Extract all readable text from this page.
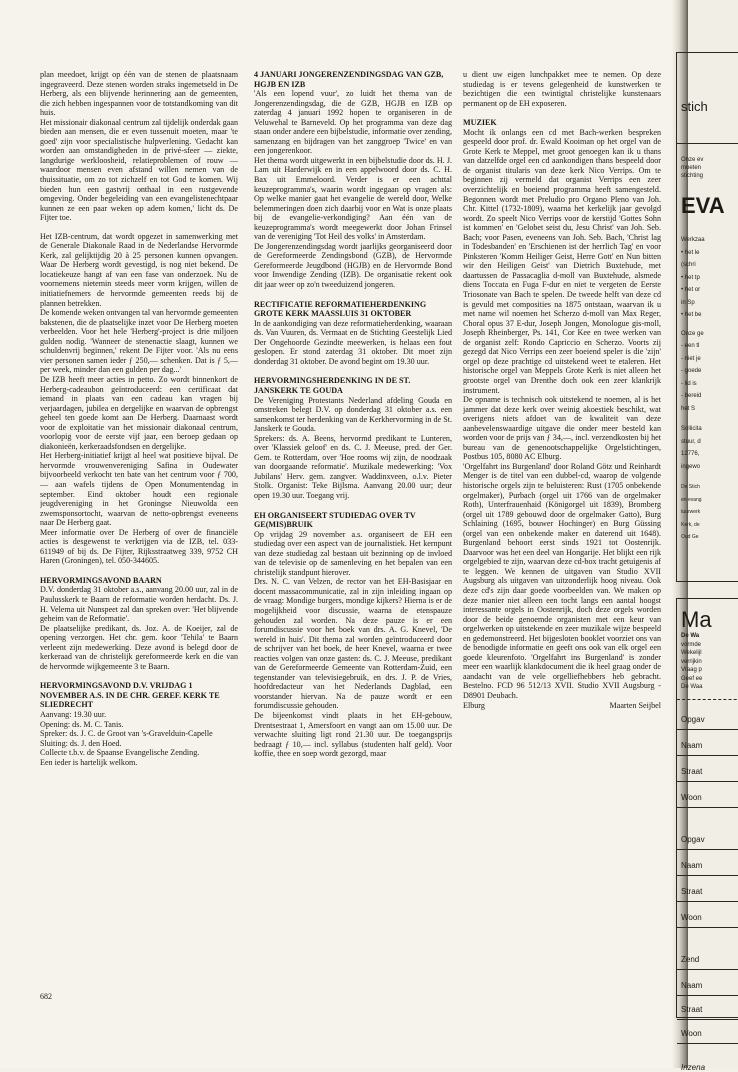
plan meedoet, krijgt op één van de stenen de plaatsnaam ingegraveerd. Deze stenen worden straks ingemetseld in De Herberg, als een blijvende herinnering aan de gemeenten, die zich hebben ingespannen voor de totstandkoming van dit huis.

Het missionair diakonaal centrum zal tijdelijk onderdak gaan bieden aan mensen, die er even tussenuit moeten, maar 'te goed' zijn voor specialistische hulpverlening. 'Gedacht kan worden aan omstandigheden in de privé-sfeer — ziekte, langdurige werkloosheid, relatieproblemen of rouw — waardoor mensen even afstand willen nemen van de thuissituatie, om zo tot zichzelf en tot God te komen. Wij bieden hun een gastvrij onthaal in een rustgevende omgeving. Onder begeleiding van een evangelistenechtpaar kunnen ze een paar weken op adem komen,' licht ds. De Fijter toe.

Het IZB-centrum, dat wordt opgezet in samenwerking met de Generale Diakonale Raad in de Nederlandse Hervormde Kerk, zal gelijktijdig 20 à 25 personen kunnen opvangen. Waar De Herberg wordt gevestigd, is nog niet bekend. De locatiekeuze hangt af van een fase van onderzoek. Nu de voornemens nietemin steeds meer vorm krijgen, willen de initiatiefnemers de hervormde gemeenten reeds bij de plannen betrekken.

De komende weken ontvangen tal van hervormde gemeenten bakstenen, die de plaatselijke inzet voor De Herberg moeten verbeelden. Voor het hele 'Herberg'-project is drie miljoen gulden nodig. 'Wanneer de stenenactie slaagt, kunnen we schuldenvrij beginnen,' rekent De Fijter voor. 'Als nu eens vier personen samen ieder ƒ 250,— schenken. Dat is ƒ 5,— per week, minder dan een gulden per dag...'

De IZB heeft meer acties in petto. Zo wordt binnenkort de Herberg-cadeaubon geïntroduceerd: een certificaat dat iemand in plaats van een cadeau kan vragen bij verjaardagen, jubilea en dergelijke en waarvan de opbrengst geheel ten goede komt aan De Herberg. Daarnaast wordt voor de exploitatie van het missionair diakonaal centrum, voorlopig voor de eerste vijf jaar, een beroep gedaan op diakonieën, kerkeraadsfondsen en dergelijke.

Het Herberg-initiatief krijgt al heel wat positieve bijval. De hervormde vrouwenvereniging Safina in Oudewater bijvoorbeeld verkocht ten bate van het centrum voor ƒ 700,— aan wafels tijdens de Open Monumentendag in september. Eind oktober houdt een regionale jeugdvereniging in het Groningse Nieuwolda een zwemsponsortocht, waarvan de netto-opbrengst eveneens naar De Herberg gaat.

Meer informatie over De Herberg of over de financiële acties is desgewenst te verkrijgen via de IZB, tel. 033-611949 of bij ds. De Fijter, Rijksstraatweg 339, 9752 CH Haren (Groningen), tel. 050-344605.

HERVORMINGSAVOND BAARN

D.V. donderdag 31 oktober a.s., aanvang 20.00 uur, zal in de Paulusskerk te Baarn de reformatie worden herdacht. Ds. J. H. Velema uit Nunspeet zal dan spreken over: 'Het blijvende geheim van de Reformatie'.

De plaatselijke predikant, ds. Joz. A. de Koeijer, zal de opening verzorgen. Het chr. gem. koor 'Tehila' te Baarn verleent zijn medewerking. Deze avond is belegd door de kerkeraad van de christelijk gereformeerde kerk en die van de hervormde wijkgemeente 3 te Baarn.

HERVORMINGSAVOND D.V. VRIJDAG 1 NOVEMBER A.S. IN DE CHR. GEREF. KERK TE SLIEDRECHT

Aanvang: 19.30 uur.

Opening: ds. M. C. Tanis.

Spreker: ds. J. C. de Groot van 's-Gravelduin-Capelle

Sluiting: ds. J. den Hoed.

Collecte t.b.v. de Spaanse Evangelische Zending.

Een ieder is hartelijk welkom.

4 JANUARI JONGERENZENDINGSDAG VAN GZB, HGJB EN IZB

'Als een lopend vuur', zo luidt het thema van de Jongerenzendingsdag, die de GZB, HGJB en IZB op zaterdag 4 januari 1992 hopen te organiseren in de Veluwehal te Barneveld. Op het programma van deze dag staan onder andere een bijbelstudie, informatie over zending, samenzang en bijdragen van het zanggroep 'Twice' en van een jongerenkoor.

Het thema wordt uitgewerkt in een bijbelstudie door ds. H. J. Lam uit Harderwijk en in een appelwoord door ds. C. H. Bax uit Emmeloord. Verder is er een achttal keuzeprogramma's, waarin wordt ingegaan op vragen als: Op welke manier gaat het evangelie de wereld door, Welke belemmeringen doen zich daarbij voor en Wat is onze plaats bij de evangelie-verkondiging? Aan één van de keuzeprogramma's wordt meegewerkt door Johan Frinsel van de vereniging 'Tot Heil des volks' in Amsterdam.

De Jongerenzendingsdag wordt jaarlijks georganiseerd door de Gereformeerde Zendingsbond (GZB), de Hervormde Gereformeerde Jeugdbond (HGJB) en de Hervormde Bond voor Inwendige Zending (IZB). De organisatie rekent ook dit jaar weer op zo'n tweeduizend jongeren.

RECTIFICATIE REFORMATIEHERDENKING GROTE KERK MAASSLUIS 31 OKTOBER

In de aankondiging van deze reformatieherdenking, waaraan ds. Van Vuuren, ds. Vermaat en de Stichting Geestelijk Lied Der Ongehoorde Gezindte meewerken, is helaas een fout geslopen. Er stond zaterdag 31 oktober. Dit moet zijn donderdag 31 oktober. De avond begint om 19.30 uur.

HERVORMINGSHERDENKING IN DE ST. JANSKERK TE GOUDA

De Vereniging Protestants Nederland afdeling Gouda en omstreken belegt D.V. op donderdag 31 oktober a.s. een samenkomst ter herdenking van de Kerkhervorming in de St. Janskerk te Gouda.

Sprekers: ds. A. Beens, hervormd predikant te Lunteren, over 'Klassiek geloof' en ds. C. J. Meeuse, pred. der Ger. Gem. te Rotterdam, over 'Hoe rooms wij zijn, de noodzaak van doorgaande reformatie'. Muzikale medewerking: 'Vox Jubilans' Herv. gem. zangver. Waddinxveen, o.l.v. Pieter Stolk. Organist: Teke Bijlsma. Aanvang 20.00 uur; deur open 19.30 uur. Toegang vrij.

EH ORGANISEERT STUDIEDAG OVER TV GE(MIS)BRUIK

Op vrijdag 29 november a.s. organiseert de EH een studiedag over een aspect van de journalistiek. Het kernpunt van deze studiedag zal bestaan uit bezinning op de invloed van de televisie op de samenleving en het bepalen van een christelijk standpunt hierover.

Drs. N. C. van Velzen, de rector van het EH-Basisjaar en docent massacommunicatie, zal in zijn inleiding ingaan op de vraag: Mondige burgers, mondige kijkers? Hierna is er de mogelijkheid voor discussie, waarna de etenspauze gehouden zal worden. Na deze pauze is er een forumdiscussie voor het boek van drs. A. G. Knevel, 'De wereld in huis'. Dit thema zal worden geïntroduceerd door de schrijver van het boek, de heer Knevel, waarna er twee reacties volgen van onze gasten: ds. C. J. Meeuse, predikant van de Gereformeerde Gemeente van Rotterdam-Zuid, een tegenstander van televisiegebruik, en drs. J. P. de Vries, hoofdredacteur van het Nederlands Dagblad, een voorstander hiervan. Na de pauze wordt er een forumdiscussie gehouden.

De bijeenkomst vindt plaats in het EH-gebouw, Drentsestraat 1, Amersfoort en vangt aan om 15.00 uur. De verwachte sluiting ligt rond 21.30 uur. De toegangsprijs bedraagt ƒ 10,— incl. syllabus (studenten half geld). Voor koffie, thee en soep wordt gezorgd, maar

u dient uw eigen lunchpakket mee te nemen. Op deze studiedag is er tevens gelegenheid de kunstwerken te bezichtigen die een twintigtal christelijke kunstenaars permanent op de EH exposeren.

MUZIEK

Mocht ik onlangs een cd met Bach-werken bespreken gespeeld door prof. dr. Ewald Kooiman op het orgel van de Grote Kerk te Meppel, met groot genoegen kan ik u thans van datzelfde orgel een cd aankondigen thans bespeeld door de organist titularis van deze kerk Nico Verrips. Om te beginnen zij vermeld dat organist Verrips een zeer overzichtelijk en boeiend programma heeft samengesteld. Begonnen wordt met Preludio pro Organo Pleno van Joh. Chr. Kittel (1732-1809), waarna het kerkelijk jaar gevolgd wordt. Zo speelt Nico Verrips voor de kerstijd 'Gottes Sohn ist kommen' en 'Gelobet seist du, Jesu Christ' van Joh. Seb. Bach; voor Pasen, eveneens van Joh. Seb. Bach, 'Christ lag in Todesbanden' en 'Erschienen ist der herrlich Tag' en voor Pinksteren 'Komm Heiliger Geist, Herre Gott' en Nun bitten wir den Heiligen Geist' van Dietrich Buxtehude, met daartussen de Passacaglia d-moll van Buxtehude, alsmede diens Toccata en Fuga F-dur en niet te vergeten de Eerste Triosonate van Bach te spelen. De tweede helft van deze cd is gevuld met composities na 1875 ontstaan, waarvan ik u met name wil noemen het Scherzo d-moll van Max Reger, Choral opus 37 E-dur, Joseph Jongen, Monologue gis-moll, Joseph Rheinberger, Ps. 141, Cor Kee en twee werken van de organist zelf: Rondo Capriccio en Scherzo. Voorts zij gezegd dat Nico Verrips een zeer boeiend speler is die 'zijn' orgel op deze prachtige cd uitstekend weet te etaleren. Het historische orgel van Meppels Grote Kerk is niet alleen het grootste orgel van Drenthe doch ook een zeer klankrijk instrument.

De opname is technisch ook uitstekend te noemen, al is het jammer dat deze kerk over weinig akoestiek beschikt, wat overigens niets afdoet van de kwaliteit van deze aanbevelenswaardige uitgave die onder meer besteld kan worden voor de prijs van ƒ 34,—, incl. verzendkosten bij het bureau van de genenootschappelijke Orgelstichtingen, Postbus 105, 8080 AC Elburg.

'Orgelfahrt ins Burgenland' door Roland Götz und Reinhardt Menger is de titel van een dubbel-cd, waarop de volgende historische orgels zijn te beluisteren: Rust (1705 onbekende orgelmaker), Purbach (orgel uit 1766 van de orgelmaker Roth), Unterfrauenhaid (Königorgel uit 1839), Bromberg (orgel uit 1789 gebouwd door de orgelmaker Gatto), Burg Schlaining (1695, bouwer Hochinger) en Burg Güssing (orgel van een onbekende maker en daterend uit 1648). Burgenland behoort eerst sinds 1921 tot Oostenrijk. Daarvoor was het een deel van Hongarije. Het blijkt een rijk orgelgebied te zijn, waarvan deze cd-box tracht getuigenis af te leggen. We kennen de uitgaven van Studio XVII Augsburg als uitgaven van uitzonderlijk hoog niveau. Ook deze cd's zijn daar goede voorbeelden van. We maken op deze manier niet alleen een tocht langs een aantal hoogst interessante orgels in Oostenrijk, doch deze orgels worden door de beide genoemde organisten met een keur van orgelwerken op uitstekende en zeer muzikale wijze bespeeld en gedemonstreerd. Het bijgesloten booklet voorziet ons van de benodigde informatie en geeft ons ook van elk orgel een goede kleurenfoto. 'Orgelfahrt ins Burgenland' is zonder meer een waarlijk klankdocument die ik heel graag onder de aandacht van de vele orgelliefhebbers heb gebracht. Bestelno. FCD 96 512/13 XVII. Studio XVII Augsburg - D8901 Deubach.

Elburg	Maarten Seijbel
682
stich
Onze ev
moeten
stichting
EVA
Werkzaa
• het le
(schri
• het tp
• het or
in Sp
• het be
Onze ge
- een tl
- niet je
- goede
- lid is
- bereid
het S
Sollicita
stuur, d
12776,
ingewo
De Stich
en evang
tuurwerk
Kerk, de
Oud Ge
Ma
De Wa
vormde
Wekelijl
verrijkin
Vraag p
Geef ee
De Waa
Opgav
Naam
Straat
Woon
Opgav
Naam
Straat
Woon
Zend
Naam
Straat
Woon
Inzena
